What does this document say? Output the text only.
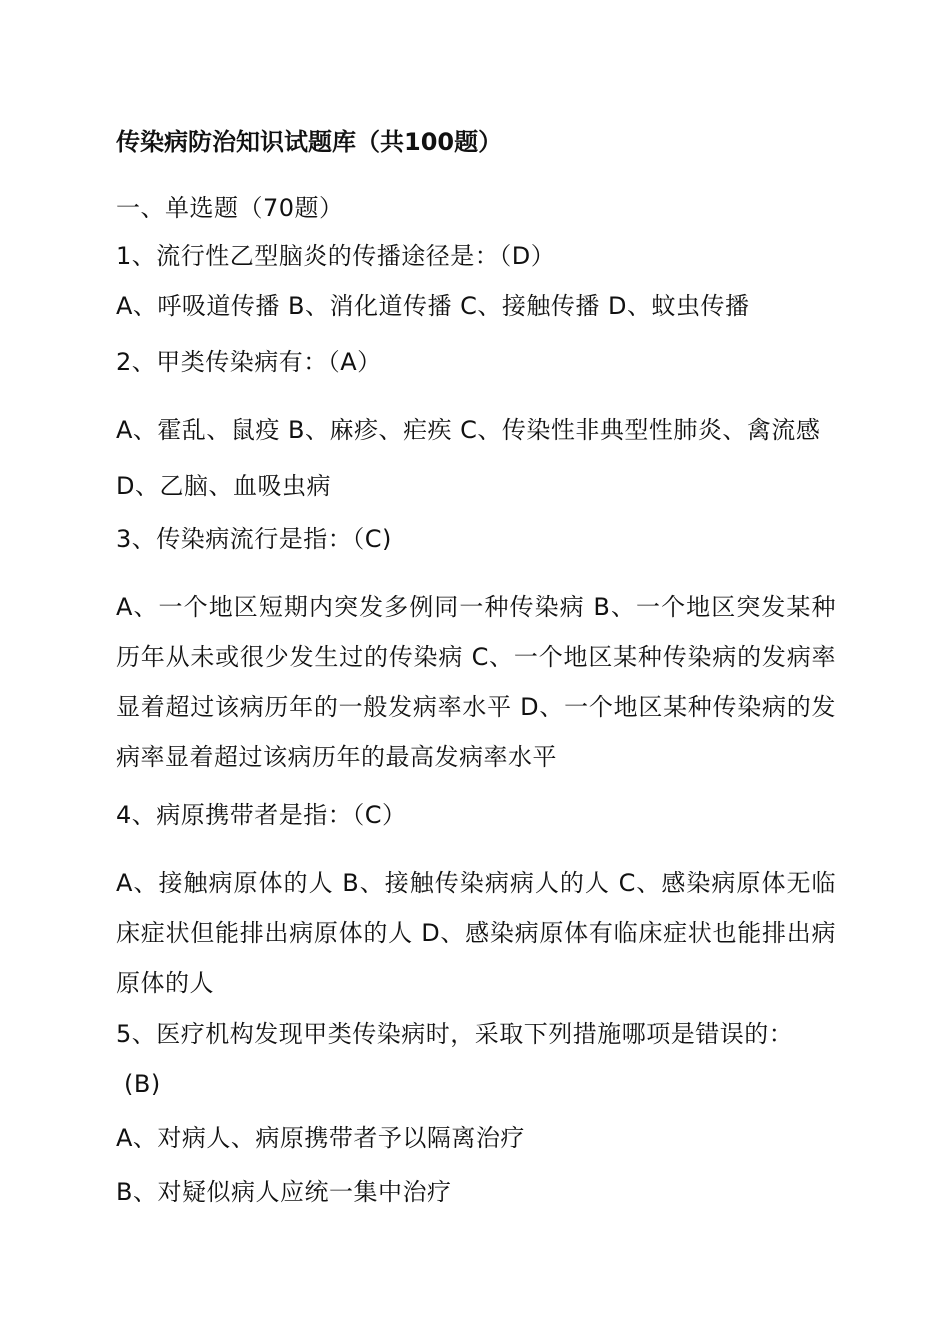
传染病防治知识试题库（共100题）
一、单选题（70题）
1、流行性乙型脑炎的传播途径是：（D）
A、呼吸道传播 B、消化道传播 C、接触传播 D、蚊虫传播
2、甲类传染病有：（A）
A、霍乱、鼠疫 B、麻疹、疟疾 C、传染性非典型性肺炎、禽流感
D、乙脑、血吸虫病
3、传染病流行是指：（C)
A、一个地区短期内突发多例同一种传染病 B、一个地区突发某种历年从未或很少发生过的传染病 C、一个地区某种传染病的发病率显着超过该病历年的一般发病率水平 D、一个地区某种传染病的发病率显着超过该病历年的最高发病率水平
4、病原携带者是指：（C）
A、接触病原体的人 B、接触传染病病人的人 C、感染病原体无临床症状但能排出病原体的人 D、感染病原体有临床症状也能排出病原体的人
5、医疗机构发现甲类传染病时，采取下列措施哪项是错误的：
(B)
A、对病人、病原携带者予以隔离治疗
B、对疑似病人应统一集中治疗
